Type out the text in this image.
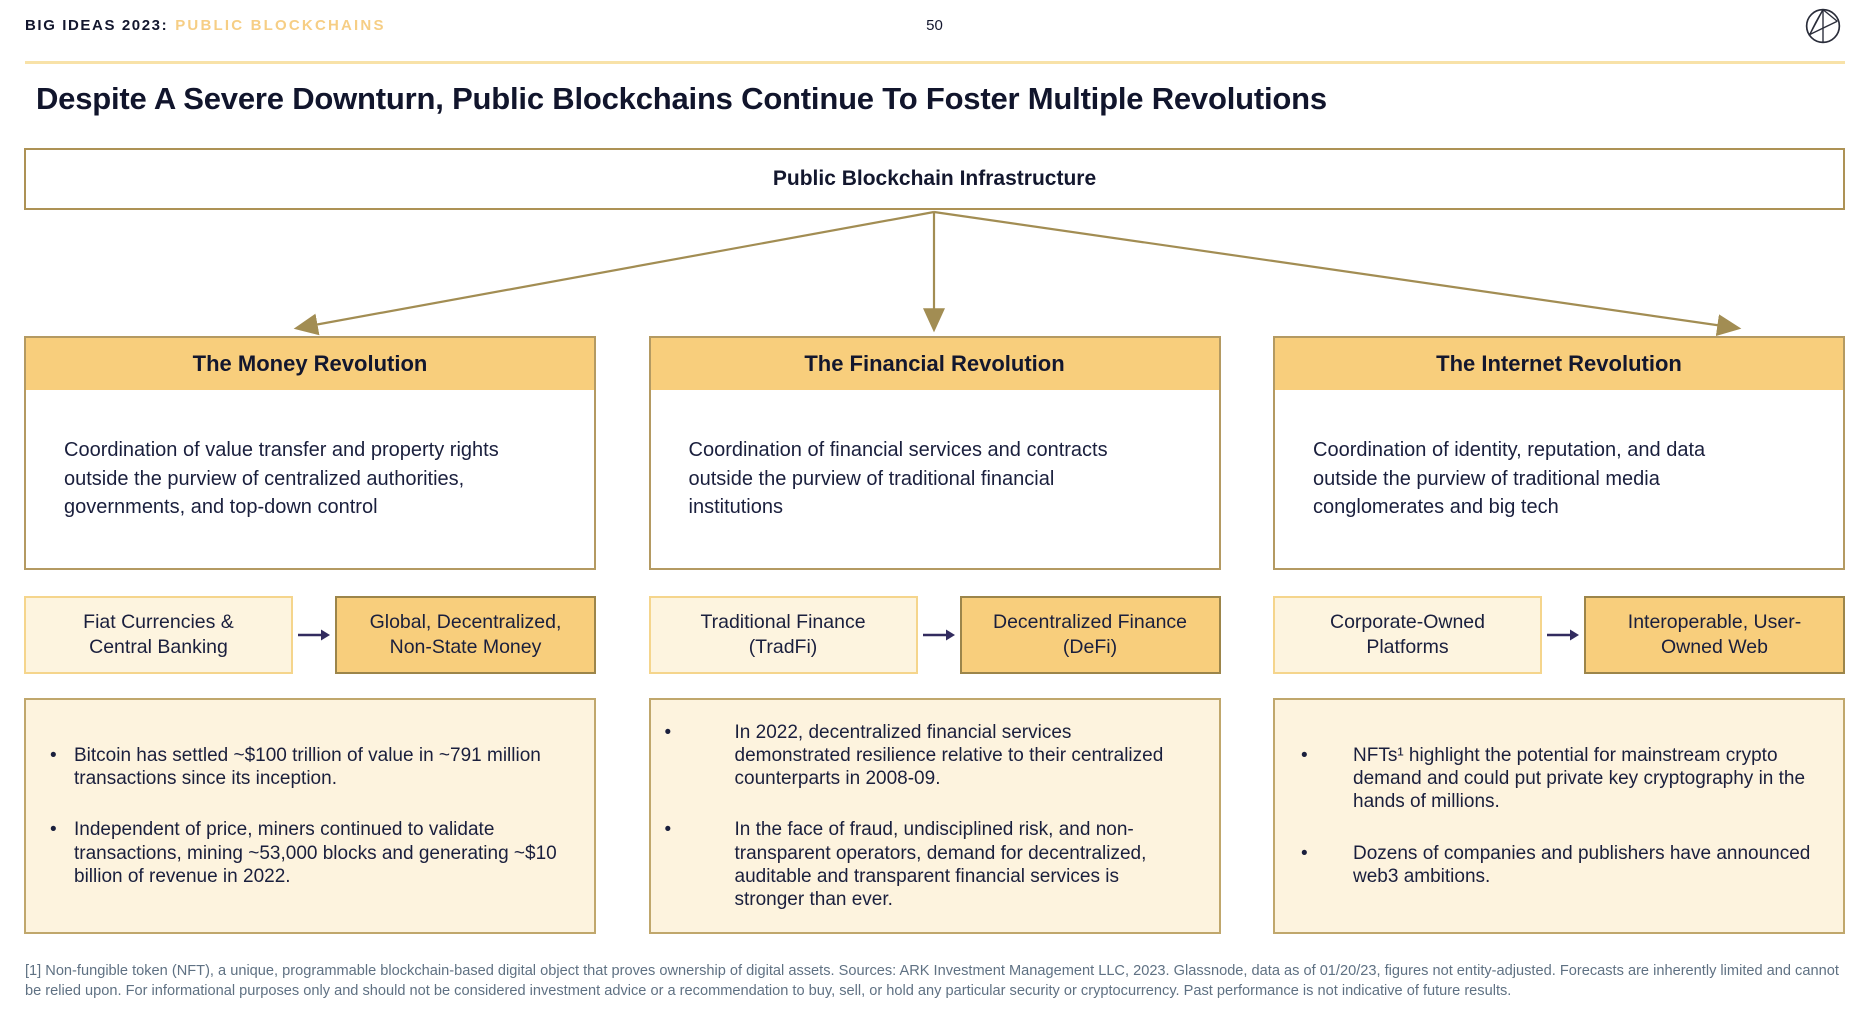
BIG IDEAS 2023: PUBLIC BLOCKCHAINS	50
Despite A Severe Downturn, Public Blockchains Continue To Foster Multiple Revolutions
Public Blockchain Infrastructure
The Money Revolution
Coordination of value transfer and property rights outside the purview of centralized authorities, governments, and top-down control
Fiat Currencies & Central Banking
Global, Decentralized, Non-State Money
• Bitcoin has settled ~$100 trillion of value in ~791 million transactions since its inception.
• Independent of price, miners continued to validate transactions, mining ~53,000 blocks and generating ~$10 billion of revenue in 2022.
The Financial Revolution
Coordination of financial services and contracts outside the purview of traditional financial institutions
Traditional Finance (TradFi)
Decentralized Finance (DeFi)
•	In 2022, decentralized financial services demonstrated resilience relative to their centralized counterparts in 2008-09.
•	In the face of fraud, undisciplined risk, and non-transparent operators, demand for decentralized, auditable and transparent financial services is stronger than ever.
The Internet Revolution
Coordination of identity, reputation, and data outside the purview of traditional media conglomerates and big tech
Corporate-Owned Platforms
Interoperable, User-Owned Web
•	NFTs¹ highlight the potential for mainstream crypto demand and could put private key cryptography in the hands of millions.
•	Dozens of companies and publishers have announced web3 ambitions.
[1] Non-fungible token (NFT), a unique, programmable blockchain-based digital object that proves ownership of digital assets. Sources: ARK Investment Management LLC, 2023. Glassnode, data as of 01/20/23, figures not entity-adjusted. Forecasts are inherently limited and cannot be relied upon. For informational purposes only and should not be considered investment advice or a recommendation to buy, sell, or hold any particular security or cryptocurrency. Past performance is not indicative of future results.
